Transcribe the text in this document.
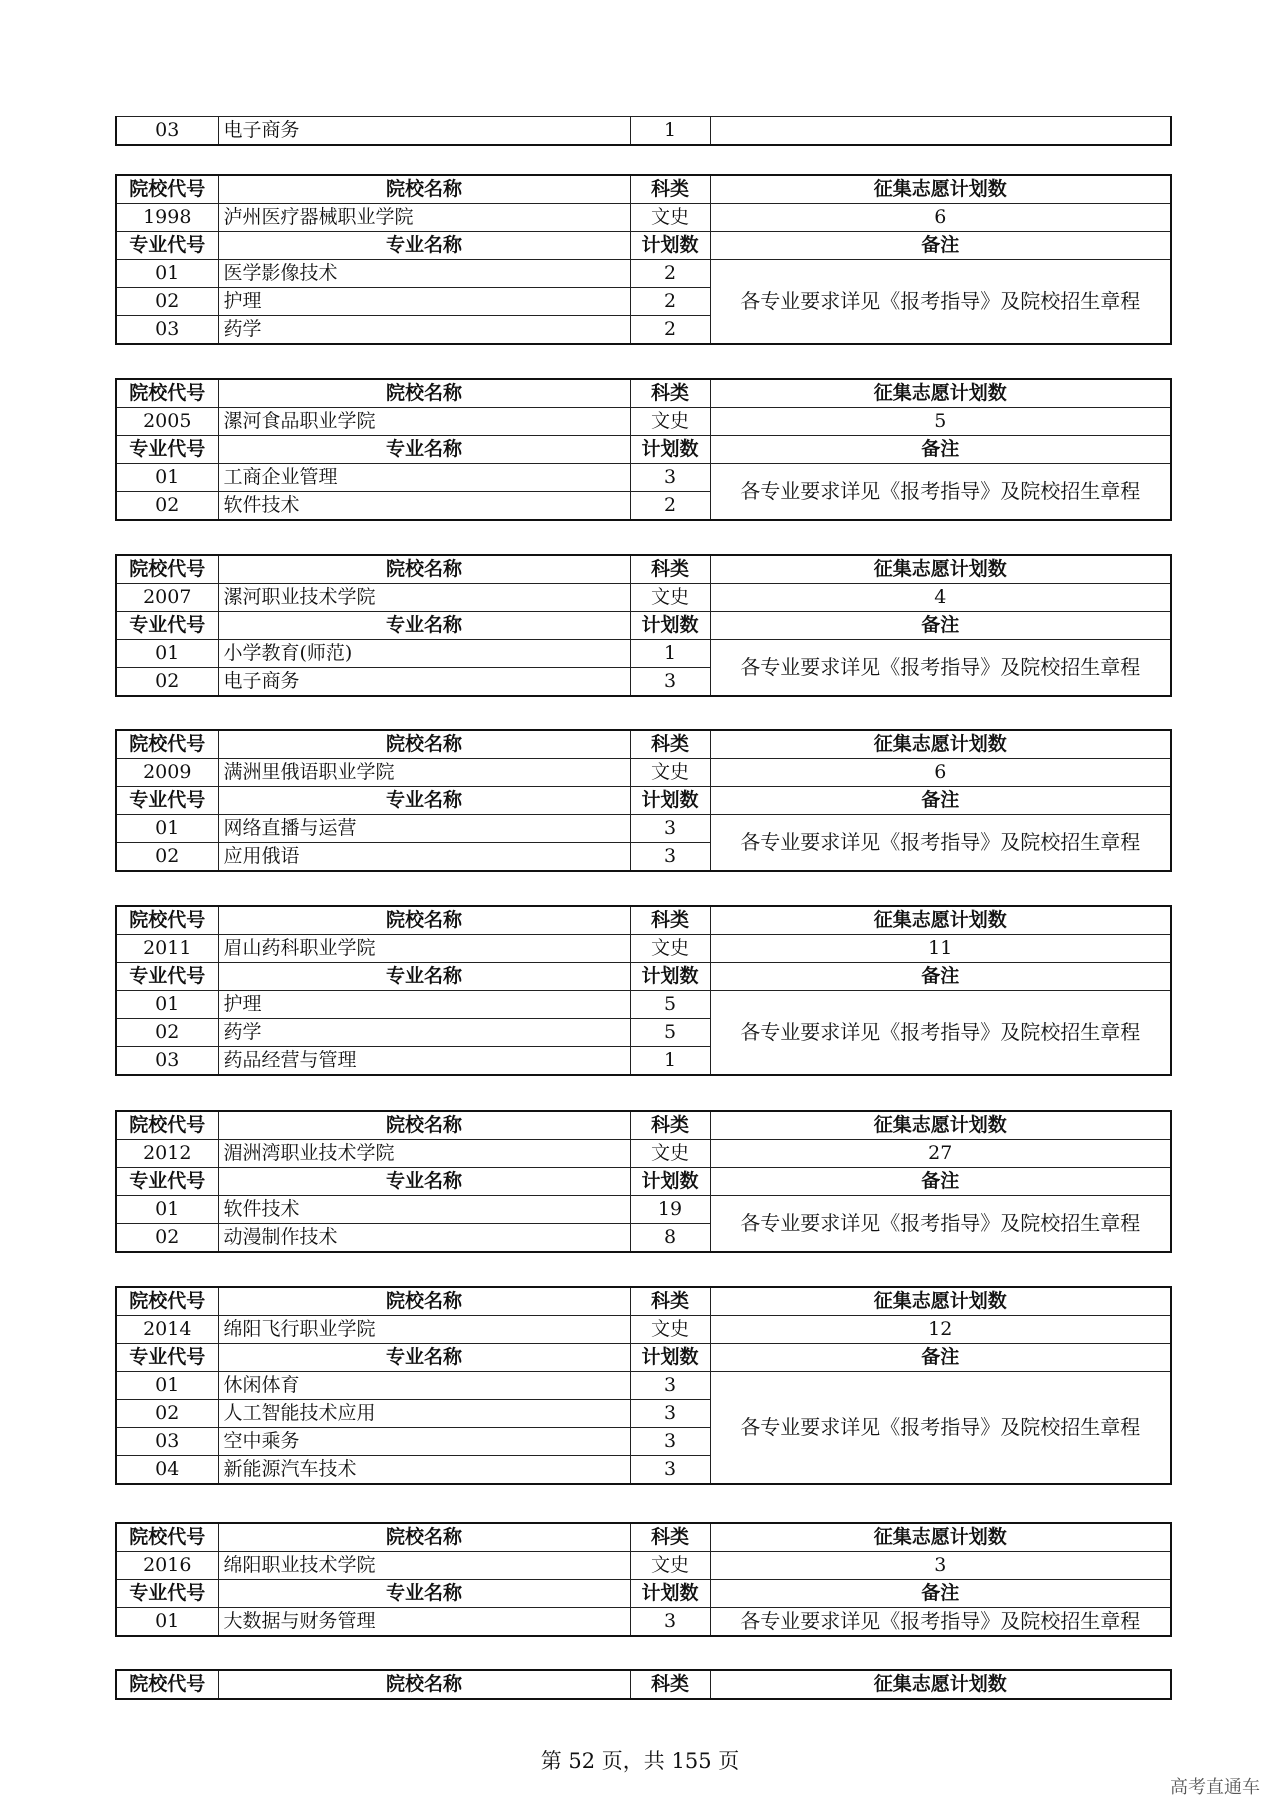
03	电子商务	1	
院校代号	院校名称	科类	征集志愿计划数
1998	泸州医疗器械职业学院	文史	6
专业代号	专业名称	计划数	备注
01	医学影像技术	2	各专业要求详见《报考指导》及院校招生章程
02	护理	2	
03	药学	2	
院校代号	院校名称	科类	征集志愿计划数
2005	漯河食品职业学院	文史	5
专业代号	专业名称	计划数	备注
01	工商企业管理	3	各专业要求详见《报考指导》及院校招生章程
02	软件技术	2	
院校代号	院校名称	科类	征集志愿计划数
2007	漯河职业技术学院	文史	4
专业代号	专业名称	计划数	备注
01	小学教育(师范)	1	各专业要求详见《报考指导》及院校招生章程
02	电子商务	3	
院校代号	院校名称	科类	征集志愿计划数
2009	满洲里俄语职业学院	文史	6
专业代号	专业名称	计划数	备注
01	网络直播与运营	3	各专业要求详见《报考指导》及院校招生章程
02	应用俄语	3	
院校代号	院校名称	科类	征集志愿计划数
2011	眉山药科职业学院	文史	11
专业代号	专业名称	计划数	备注
01	护理	5	各专业要求详见《报考指导》及院校招生章程
02	药学	5	
03	药品经营与管理	1	
院校代号	院校名称	科类	征集志愿计划数
2012	湄洲湾职业技术学院	文史	27
专业代号	专业名称	计划数	备注
01	软件技术	19	各专业要求详见《报考指导》及院校招生章程
02	动漫制作技术	8	
院校代号	院校名称	科类	征集志愿计划数
2014	绵阳飞行职业学院	文史	12
专业代号	专业名称	计划数	备注
01	休闲体育	3	各专业要求详见《报考指导》及院校招生章程
02	人工智能技术应用	3	
03	空中乘务	3	
04	新能源汽车技术	3	
院校代号	院校名称	科类	征集志愿计划数
2016	绵阳职业技术学院	文史	3
专业代号	专业名称	计划数	备注
01	大数据与财务管理	3	各专业要求详见《报考指导》及院校招生章程
院校代号	院校名称	科类	征集志愿计划数
第 52 页，共 155 页
高考直通车
